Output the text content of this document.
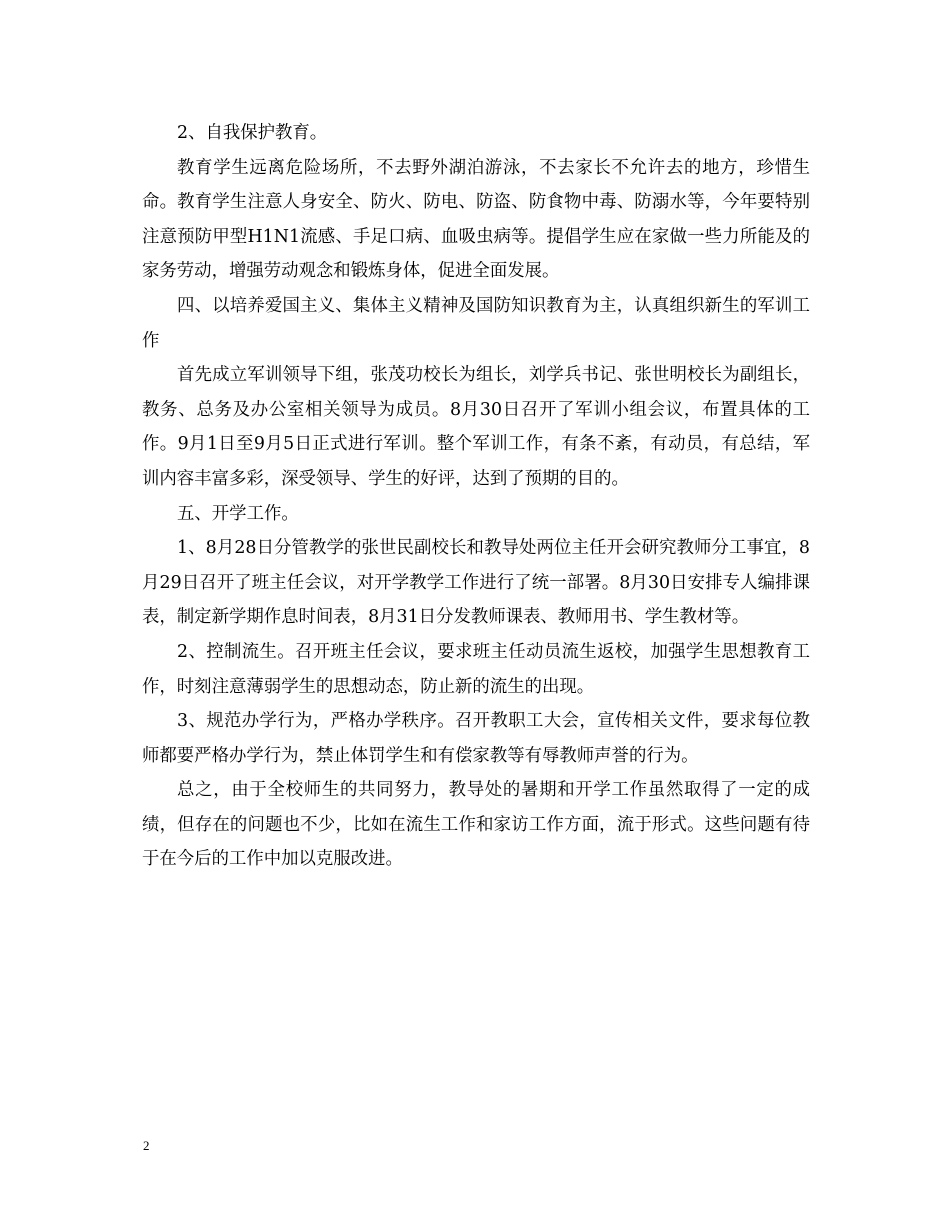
2、自我保护教育。

教育学生远离危险场所，不去野外湖泊游泳，不去家长不允许去的地方，珍惜生命。教育学生注意人身安全、防火、防电、防盗、防食物中毒、防溺水等，今年要特别注意预防甲型H1N1流感、手足口病、血吸虫病等。提倡学生应在家做一些力所能及的家务劳动，增强劳动观念和锻炼身体，促进全面发展。

四、以培养爱国主义、集体主义精神及国防知识教育为主，认真组织新生的军训工作

首先成立军训领导下组，张茂功校长为组长，刘学兵书记、张世明校长为副组长，教务、总务及办公室相关领导为成员。8月30日召开了军训小组会议，布置具体的工作。9月1日至9月5日正式进行军训。整个军训工作，有条不紊，有动员，有总结，军训内容丰富多彩，深受领导、学生的好评，达到了预期的目的。

五、开学工作。

1、8月28日分管教学的张世民副校长和教导处两位主任开会研究教师分工事宜，8月29日召开了班主任会议，对开学教学工作进行了统一部署。8月30日安排专人编排课表，制定新学期作息时间表，8月31日分发教师课表、教师用书、学生教材等。

2、控制流生。召开班主任会议，要求班主任动员流生返校，加强学生思想教育工作，时刻注意薄弱学生的思想动态，防止新的流生的出现。

3、规范办学行为，严格办学秩序。召开教职工大会，宣传相关文件，要求每位教师都要严格办学行为，禁止体罚学生和有偿家教等有辱教师声誉的行为。

总之，由于全校师生的共同努力，教导处的暑期和开学工作虽然取得了一定的成绩，但存在的问题也不少，比如在流生工作和家访工作方面，流于形式。这些问题有待于在今后的工作中加以克服改进。

2
